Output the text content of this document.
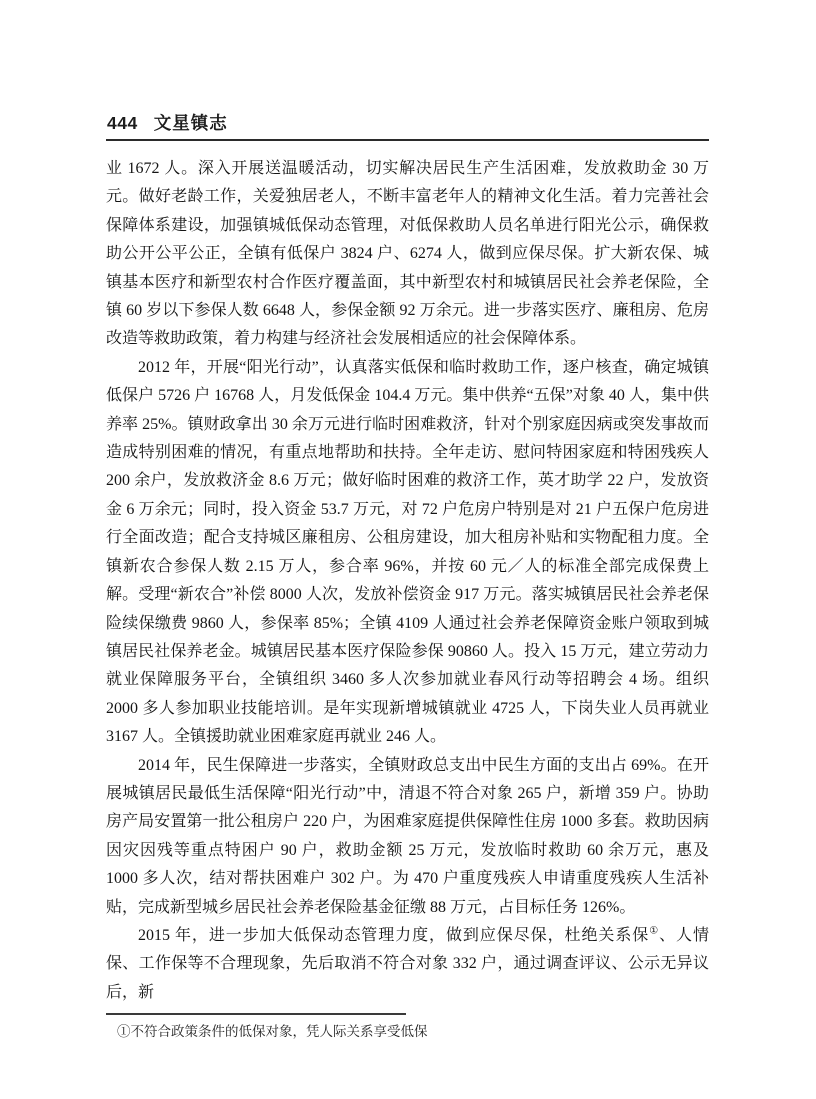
444 文星镇志

业 1672 人。深入开展送温暖活动，切实解决居民生产生活困难，发放救助金 30 万元。做好老龄工作，关爱独居老人，不断丰富老年人的精神文化生活。着力完善社会保障体系建设，加强镇城低保动态管理，对低保救助人员名单进行阳光公示，确保救助公开公平公正，全镇有低保户 3824 户、6274 人，做到应保尽保。扩大新农保、城镇基本医疗和新型农村合作医疗覆盖面，其中新型农村和城镇居民社会养老保险，全镇 60 岁以下参保人数 6648 人，参保金额 92 万余元。进一步落实医疗、廉租房、危房改造等救助政策，着力构建与经济社会发展相适应的社会保障体系。

2012 年，开展“阳光行动”，认真落实低保和临时救助工作，逐户核查，确定城镇低保户 5726 户 16768 人，月发低保金 104.4 万元。集中供养“五保”对象 40 人，集中供养率 25%。镇财政拿出 30 余万元进行临时困难救济，针对个别家庭因病或突发事故而造成特别困难的情况，有重点地帮助和扶持。全年走访、慰问特困家庭和特困残疾人 200 余户，发放救济金 8.6 万元；做好临时困难的救济工作，英才助学 22 户，发放资金 6 万余元；同时，投入资金 53.7 万元，对 72 户危房户特别是对 21 户五保户危房进行全面改造；配合支持城区廉租房、公租房建设，加大租房补贴和实物配租力度。全镇新农合参保人数 2.15 万人，参合率 96%，并按 60 元／人的标准全部完成保费上解。受理“新农合”补偿 8000 人次，发放补偿资金 917 万元。落实城镇居民社会养老保险续保缴费 9860 人，参保率 85%；全镇 4109 人通过社会养老保障资金账户领取到城镇居民社保养老金。城镇居民基本医疗保险参保 90860 人。投入 15 万元，建立劳动力就业保障服务平台，全镇组织 3460 多人次参加就业春风行动等招聘会 4 场。组织 2000 多人参加职业技能培训。是年实现新增城镇就业 4725 人，下岗失业人员再就业 3167 人。全镇援助就业困难家庭再就业 246 人。

2014 年，民生保障进一步落实，全镇财政总支出中民生方面的支出占 69%。在开展城镇居民最低生活保障“阳光行动”中，清退不符合对象 265 户，新增 359 户。协助房产局安置第一批公租房户 220 户，为困难家庭提供保障性住房 1000 多套。救助因病因灾因残等重点特困户 90 户，救助金额 25 万元，发放临时救助 60 余万元，惠及 1000 多人次，结对帮扶困难户 302 户。为 470 户重度残疾人申请重度残疾人生活补贴，完成新型城乡居民社会养老保险基金征缴 88 万元，占目标任务 126%。

2015 年，进一步加大低保动态管理力度，做到应保尽保，杜绝关系保①、人情保、工作保等不合理现象，先后取消不符合对象 332 户，通过调查评议、公示无异议后，新

①不符合政策条件的低保对象，凭人际关系享受低保
